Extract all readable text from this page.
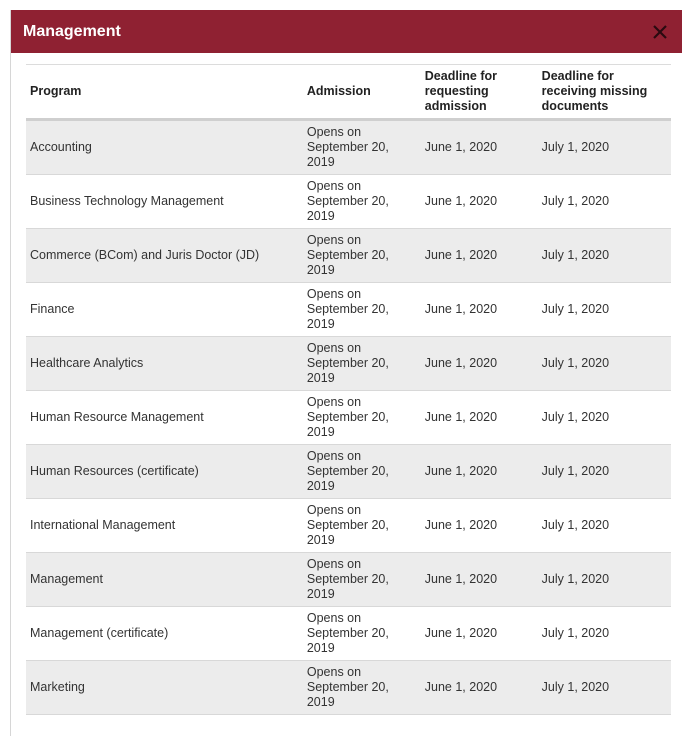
Management
Program	Admission	Deadline for requesting admission	Deadline for receiving missing documents
Accounting	Opens on September 20, 2019	June 1, 2020	July 1, 2020
Business Technology Management	Opens on September 20, 2019	June 1, 2020	July 1, 2020
Commerce (BCom) and Juris Doctor (JD)	Opens on September 20, 2019	June 1, 2020	July 1, 2020
Finance	Opens on September 20, 2019	June 1, 2020	July 1, 2020
Healthcare Analytics	Opens on September 20, 2019	June 1, 2020	July 1, 2020
Human Resource Management	Opens on September 20, 2019	June 1, 2020	July 1, 2020
Human Resources (certificate)	Opens on September 20, 2019	June 1, 2020	July 1, 2020
International Management	Opens on September 20, 2019	June 1, 2020	July 1, 2020
Management	Opens on September 20, 2019	June 1, 2020	July 1, 2020
Management (certificate)	Opens on September 20, 2019	June 1, 2020	July 1, 2020
Marketing	Opens on September 20, 2019	June 1, 2020	July 1, 2020
